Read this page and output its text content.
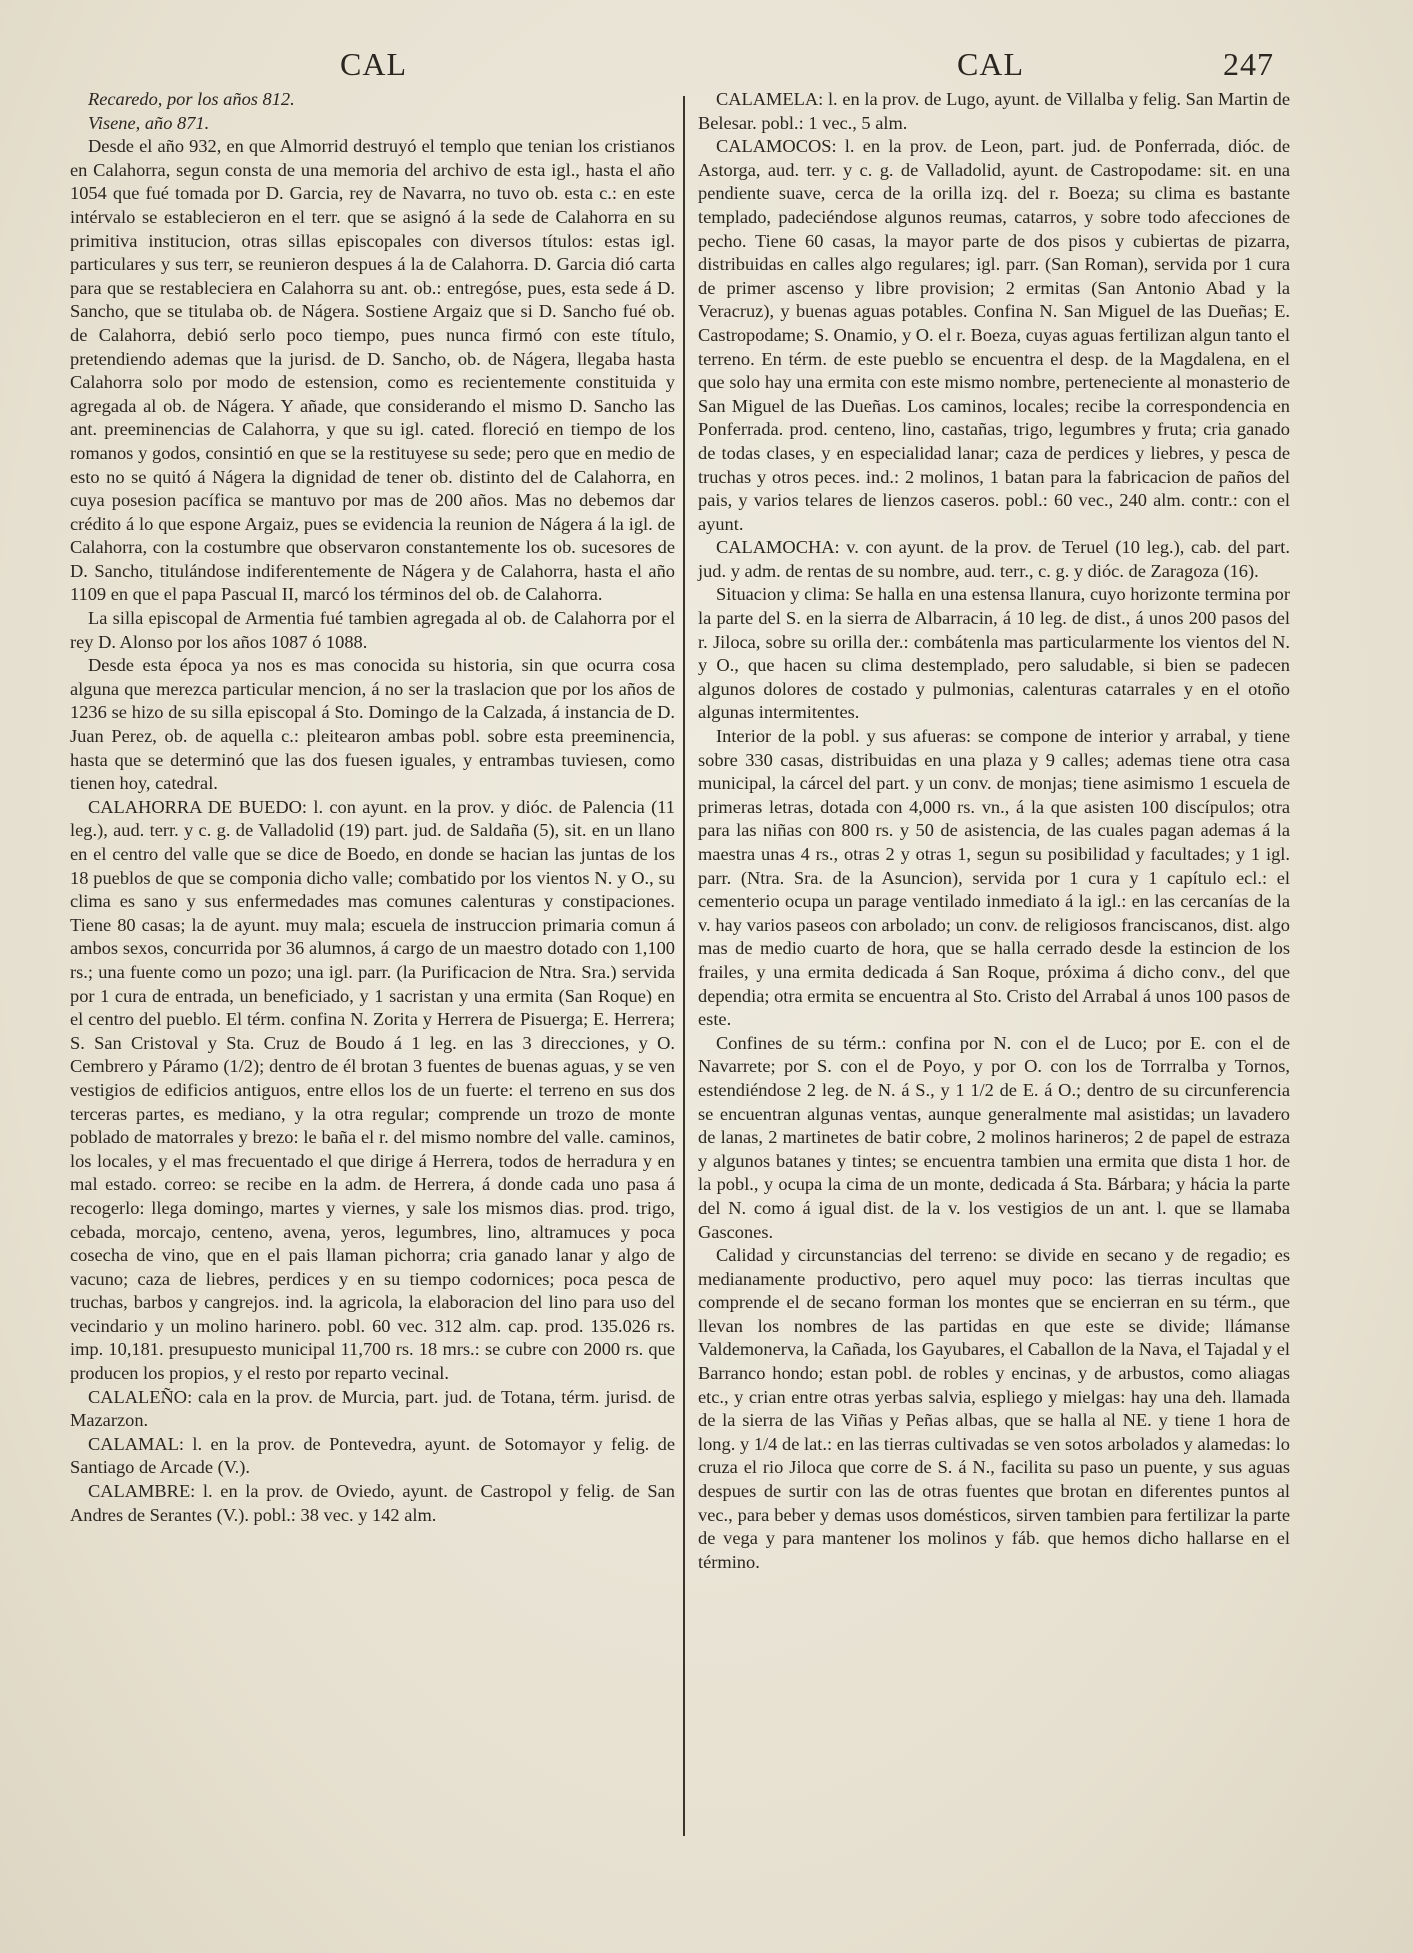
CAL	CAL	247

Recaredo, por los años 812.

Visene, año 871.

Desde el año 932, en que Almorrid destruyó el templo que tenian los cristianos en Calahorra, segun consta de una memoria del archivo de esta igl., hasta el año 1054 que fué tomada por D. Garcia, rey de Navarra, no tuvo ob. esta c.: en este intérvalo se establecieron en el terr. que se asignó á la sede de Calahorra en su primitiva institucion, otras sillas episcopales con diversos títulos: estas igl. particulares y sus terr, se reunieron despues á la de Calahorra. D. Garcia dió carta para que se restableciera en Calahorra su ant. ob.: entregóse, pues, esta sede á D. Sancho, que se titulaba ob. de Nágera. Sostiene Argaiz que si D. Sancho fué ob. de Calahorra, debió serlo poco tiempo, pues nunca firmó con este título, pretendiendo ademas que la jurisd. de D. Sancho, ob. de Nágera, llegaba hasta Calahorra solo por modo de estension, como es recientemente constituida y agregada al ob. de Nágera. Y añade, que considerando el mismo D. Sancho las ant. preeminencias de Calahorra, y que su igl. cated. floreció en tiempo de los romanos y godos, consintió en que se la restituyese su sede; pero que en medio de esto no se quitó á Nágera la dignidad de tener ob. distinto del de Calahorra, en cuya posesion pacífica se mantuvo por mas de 200 años. Mas no debemos dar crédito á lo que espone Argaiz, pues se evidencia la reunion de Nágera á la igl. de Calahorra, con la costumbre que observaron constantemente los ob. sucesores de D. Sancho, titulándose indiferentemente de Nágera y de Calahorra, hasta el año 1109 en que el papa Pascual II, marcó los términos del ob. de Calahorra.

La silla episcopal de Armentia fué tambien agregada al ob. de Calahorra por el rey D. Alonso por los años 1087 ó 1088.

Desde esta época ya nos es mas conocida su historia, sin que ocurra cosa alguna que merezca particular mencion, á no ser la traslacion que por los años de 1236 se hizo de su silla episcopal á Sto. Domingo de la Calzada, á instancia de D. Juan Perez, ob. de aquella c.: pleitearon ambas pobl. sobre esta preeminencia, hasta que se determinó que las dos fuesen iguales, y entrambas tuviesen, como tienen hoy, catedral.

CALAHORRA DE BUEDO: l. con ayunt. en la prov. y dióc. de Palencia (11 leg.), aud. terr. y c. g. de Valladolid (19) part. jud. de Saldaña (5), sit. en un llano en el centro del valle que se dice de Boedo, en donde se hacian las juntas de los 18 pueblos de que se componia dicho valle; combatido por los vientos N. y O., su clima es sano y sus enfermedades mas comunes calenturas y constipaciones. Tiene 80 casas; la de ayunt. muy mala; escuela de instruccion primaria comun á ambos sexos, concurrida por 36 alumnos, á cargo de un maestro dotado con 1,100 rs.; una fuente como un pozo; una igl. parr. (la Purificacion de Ntra. Sra.) servida por 1 cura de entrada, un beneficiado, y 1 sacristan y una ermita (San Roque) en el centro del pueblo. El térm. confina N. Zorita y Herrera de Pisuerga; E. Herrera; S. San Cristoval y Sta. Cruz de Boudo á 1 leg. en las 3 direcciones, y O. Cembrero y Páramo (1/2); dentro de él brotan 3 fuentes de buenas aguas, y se ven vestigios de edificios antiguos, entre ellos los de un fuerte: el terreno en sus dos terceras partes, es mediano, y la otra regular; comprende un trozo de monte poblado de matorrales y brezo: le baña el r. del mismo nombre del valle. caminos, los locales, y el mas frecuentado el que dirige á Herrera, todos de herradura y en mal estado. correo: se recibe en la adm. de Herrera, á donde cada uno pasa á recogerlo: llega domingo, martes y viernes, y sale los mismos dias. prod. trigo, cebada, morcajo, centeno, avena, yeros, legumbres, lino, altramuces y poca cosecha de vino, que en el pais llaman pichorra; cria ganado lanar y algo de vacuno; caza de liebres, perdices y en su tiempo codornices; poca pesca de truchas, barbos y cangrejos. ind. la agricola, la elaboracion del lino para uso del vecindario y un molino harinero. pobl. 60 vec. 312 alm. cap. prod. 135.026 rs. imp. 10,181. presupuesto municipal 11,700 rs. 18 mrs.: se cubre con 2000 rs. que producen los propios, y el resto por reparto vecinal.

CALALEÑO: cala en la prov. de Murcia, part. jud. de Totana, térm. jurisd. de Mazarzon.

CALAMAL: l. en la prov. de Pontevedra, ayunt. de Sotomayor y felig. de Santiago de Arcade (V.).

CALAMBRE: l. en la prov. de Oviedo, ayunt. de Castropol y felig. de San Andres de Serantes (V.). pobl.: 38 vec. y 142 alm.

CALAMELA: l. en la prov. de Lugo, ayunt. de Villalba y felig. San Martin de Belesar. pobl.: 1 vec., 5 alm.

CALAMOCOS: l. en la prov. de Leon, part. jud. de Ponferrada, dióc. de Astorga, aud. terr. y c. g. de Valladolid, ayunt. de Castropodame: sit. en una pendiente suave, cerca de la orilla izq. del r. Boeza; su clima es bastante templado, padeciéndose algunos reumas, catarros, y sobre todo afecciones de pecho. Tiene 60 casas, la mayor parte de dos pisos y cubiertas de pizarra, distribuidas en calles algo regulares; igl. parr. (San Roman), servida por 1 cura de primer ascenso y libre provision; 2 ermitas (San Antonio Abad y la Veracruz), y buenas aguas potables. Confina N. San Miguel de las Dueñas; E. Castropodame; S. Onamio, y O. el r. Boeza, cuyas aguas fertilizan algun tanto el terreno. En térm. de este pueblo se encuentra el desp. de la Magdalena, en el que solo hay una ermita con este mismo nombre, perteneciente al monasterio de San Miguel de las Dueñas. Los caminos, locales; recibe la correspondencia en Ponferrada. prod. centeno, lino, castañas, trigo, legumbres y fruta; cria ganado de todas clases, y en especialidad lanar; caza de perdices y liebres, y pesca de truchas y otros peces. ind.: 2 molinos, 1 batan para la fabricacion de paños del pais, y varios telares de lienzos caseros. pobl.: 60 vec., 240 alm. contr.: con el ayunt.

CALAMOCHA: v. con ayunt. de la prov. de Teruel (10 leg.), cab. del part. jud. y adm. de rentas de su nombre, aud. terr., c. g. y dióc. de Zaragoza (16).

Situacion y clima: Se halla en una estensa llanura, cuyo horizonte termina por la parte del S. en la sierra de Albarracin, á 10 leg. de dist., á unos 200 pasos del r. Jiloca, sobre su orilla der.: combátenla mas particularmente los vientos del N. y O., que hacen su clima destemplado, pero saludable, si bien se padecen algunos dolores de costado y pulmonias, calenturas catarrales y en el otoño algunas intermitentes.

Interior de la pobl. y sus afueras: se compone de interior y arrabal, y tiene sobre 330 casas, distribuidas en una plaza y 9 calles; ademas tiene otra casa municipal, la cárcel del part. y un conv. de monjas; tiene asimismo 1 escuela de primeras letras, dotada con 4,000 rs. vn., á la que asisten 100 discípulos; otra para las niñas con 800 rs. y 50 de asistencia, de las cuales pagan ademas á la maestra unas 4 rs., otras 2 y otras 1, segun su posibilidad y facultades; y 1 igl. parr. (Ntra. Sra. de la Asuncion), servida por 1 cura y 1 capítulo ecl.: el cementerio ocupa un parage ventilado inmediato á la igl.: en las cercanías de la v. hay varios paseos con arbolado; un conv. de religiosos franciscanos, dist. algo mas de medio cuarto de hora, que se halla cerrado desde la estincion de los frailes, y una ermita dedicada á San Roque, próxima á dicho conv., del que dependia; otra ermita se encuentra al Sto. Cristo del Arrabal á unos 100 pasos de este.

Confines de su térm.: confina por N. con el de Luco; por E. con el de Navarrete; por S. con el de Poyo, y por O. con los de Torrralba y Tornos, estendiéndose 2 leg. de N. á S., y 1 1/2 de E. á O.; dentro de su circunferencia se encuentran algunas ventas, aunque generalmente mal asistidas; un lavadero de lanas, 2 martinetes de batir cobre, 2 molinos harineros; 2 de papel de estraza y algunos batanes y tintes; se encuentra tambien una ermita que dista 1 hor. de la pobl., y ocupa la cima de un monte, dedicada á Sta. Bárbara; y hácia la parte del N. como á igual dist. de la v. los vestigios de un ant. l. que se llamaba Gascones.

Calidad y circunstancias del terreno: se divide en secano y de regadio; es medianamente productivo, pero aquel muy poco: las tierras incultas que comprende el de secano forman los montes que se encierran en su térm., que llevan los nombres de las partidas en que este se divide; llámanse Valdemonerva, la Cañada, los Gayubares, el Caballon de la Nava, el Tajadal y el Barranco hondo; estan pobl. de robles y encinas, y de arbustos, como aliagas etc., y crian entre otras yerbas salvia, espliego y mielgas: hay una deh. llamada de la sierra de las Viñas y Peñas albas, que se halla al NE. y tiene 1 hora de long. y 1/4 de lat.: en las tierras cultivadas se ven sotos arbolados y alamedas: lo cruza el rio Jiloca que corre de S. á N., facilita su paso un puente, y sus aguas despues de surtir con las de otras fuentes que brotan en diferentes puntos al vec., para beber y demas usos domésticos, sirven tambien para fertilizar la parte de vega y para mantener los molinos y fáb. que hemos dicho hallarse en el término.
